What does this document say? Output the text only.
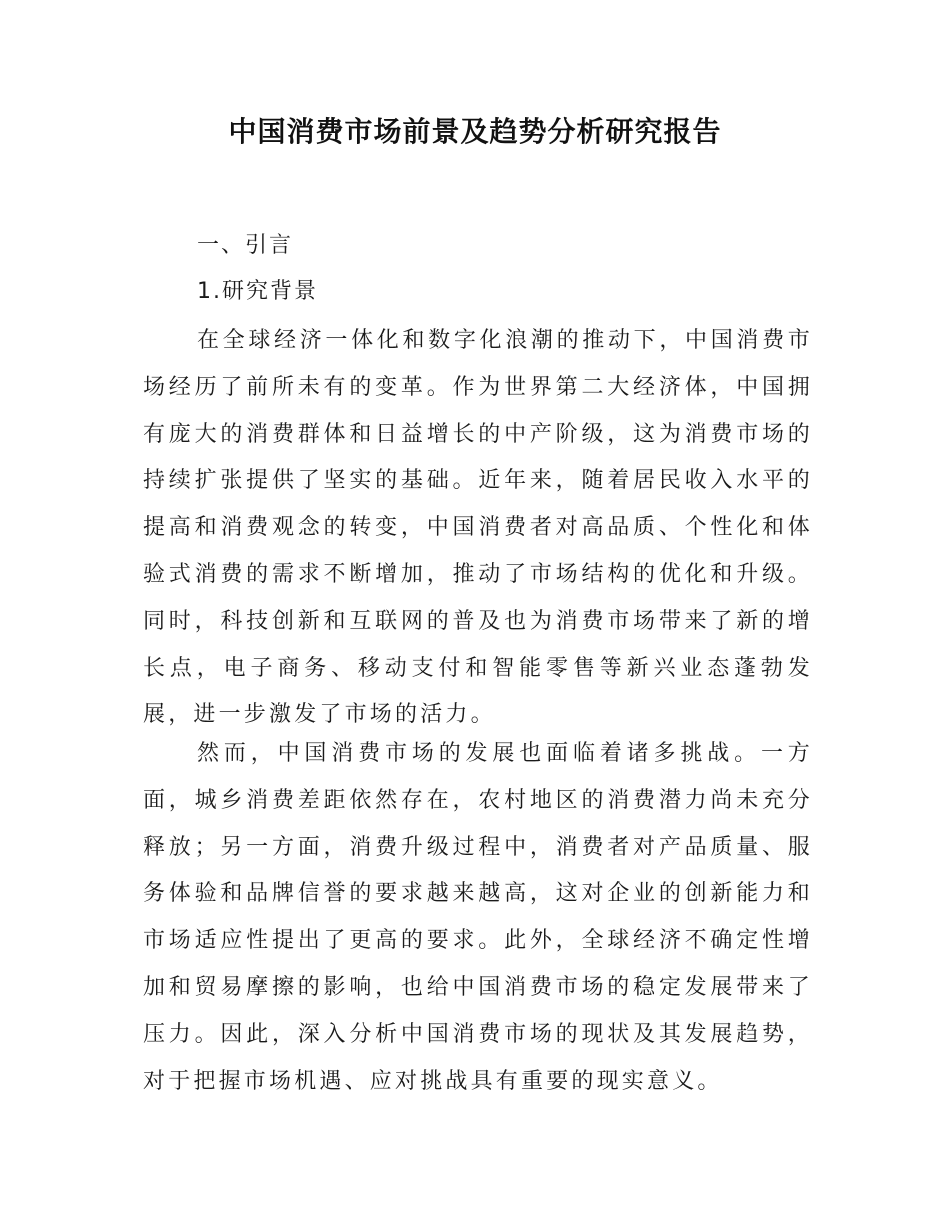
中国消费市场前景及趋势分析研究报告
一、引言
1.研究背景

在全球经济一体化和数字化浪潮的推动下，中国消费市场经历了前所未有的变革。作为世界第二大经济体，中国拥有庞大的消费群体和日益增长的中产阶级，这为消费市场的持续扩张提供了坚实的基础。近年来，随着居民收入水平的提高和消费观念的转变，中国消费者对高品质、个性化和体验式消费的需求不断增加，推动了市场结构的优化和升级。同时，科技创新和互联网的普及也为消费市场带来了新的增长点，电子商务、移动支付和智能零售等新兴业态蓬勃发展，进一步激发了市场的活力。

然而，中国消费市场的发展也面临着诸多挑战。一方面，城乡消费差距依然存在，农村地区的消费潜力尚未充分释放；另一方面，消费升级过程中，消费者对产品质量、服务体验和品牌信誉的要求越来越高，这对企业的创新能力和市场适应性提出了更高的要求。此外，全球经济不确定性增加和贸易摩擦的影响，也给中国消费市场的稳定发展带来了压力。因此，深入分析中国消费市场的现状及其发展趋势，对于把握市场机遇、应对挑战具有重要的现实意义。
